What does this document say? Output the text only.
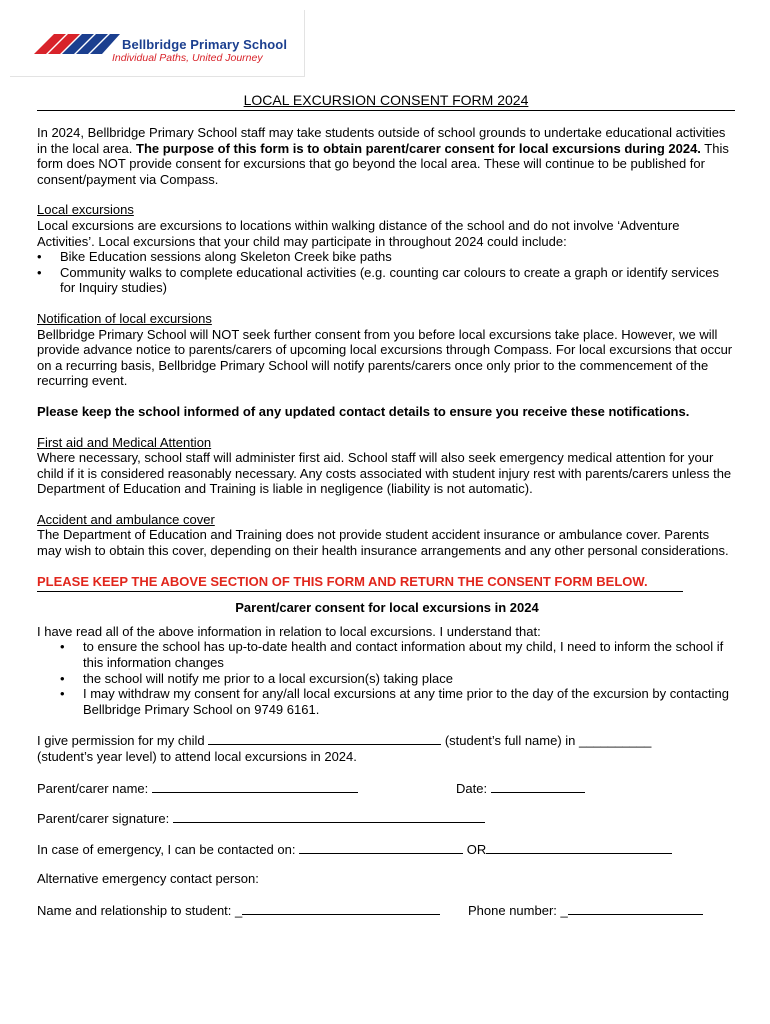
Bellbridge Primary School
Individual Paths, United Journey
LOCAL EXCURSION CONSENT FORM 2024

In 2024, Bellbridge Primary School staff may take students outside of school grounds to undertake educational activities in the local area. The purpose of this form is to obtain parent/carer consent for local excursions during 2024. This form does NOT provide consent for excursions that go beyond the local area. These will continue to be published for consent/payment via Compass.

Local excursions

Local excursions are excursions to locations within walking distance of the school and do not involve ‘Adventure Activities’. Local excursions that your child may participate in throughout 2024 could include:

• Bike Education sessions along Skeleton Creek bike paths
• Community walks to complete educational activities (e.g. counting car colours to create a graph or identify services for Inquiry studies)

Notification of local excursions

Bellbridge Primary School will NOT seek further consent from you before local excursions take place. However, we will provide advance notice to parents/carers of upcoming local excursions through Compass. For local excursions that occur on a recurring basis, Bellbridge Primary School will notify parents/carers once only prior to the commencement of the recurring event.

Please keep the school informed of any updated contact details to ensure you receive these notifications.

First aid and Medical Attention

Where necessary, school staff will administer first aid. School staff will also seek emergency medical attention for your child if it is considered reasonably necessary. Any costs associated with student injury rest with parents/carers unless the Department of Education and Training is liable in negligence (liability is not automatic).

Accident and ambulance cover

The Department of Education and Training does not provide student accident insurance or ambulance cover. Parents may wish to obtain this cover, depending on their health insurance arrangements and any other personal considerations.

PLEASE KEEP THE ABOVE SECTION OF THIS FORM AND RETURN THE CONSENT FORM BELOW.

Parent/carer consent for local excursions in 2024

I have read all of the above information in relation to local excursions. I understand that:

• to ensure the school has up-to-date health and contact information about my child, I need to inform the school if this information changes
• the school will notify me prior to a local excursion(s) taking place
• I may withdraw my consent for any/all local excursions at any time prior to the day of the excursion by contacting Bellbridge Primary School on 9749 6161.

I give permission for my child	(student’s full name) in __________

(student’s year level) to attend local excursions in 2024.

Parent/carer name:	Date:
Parent/carer signature:
In case of emergency, I can be contacted on:	OR
Alternative emergency contact person:
Name and relationship to student: _	Phone number: _
